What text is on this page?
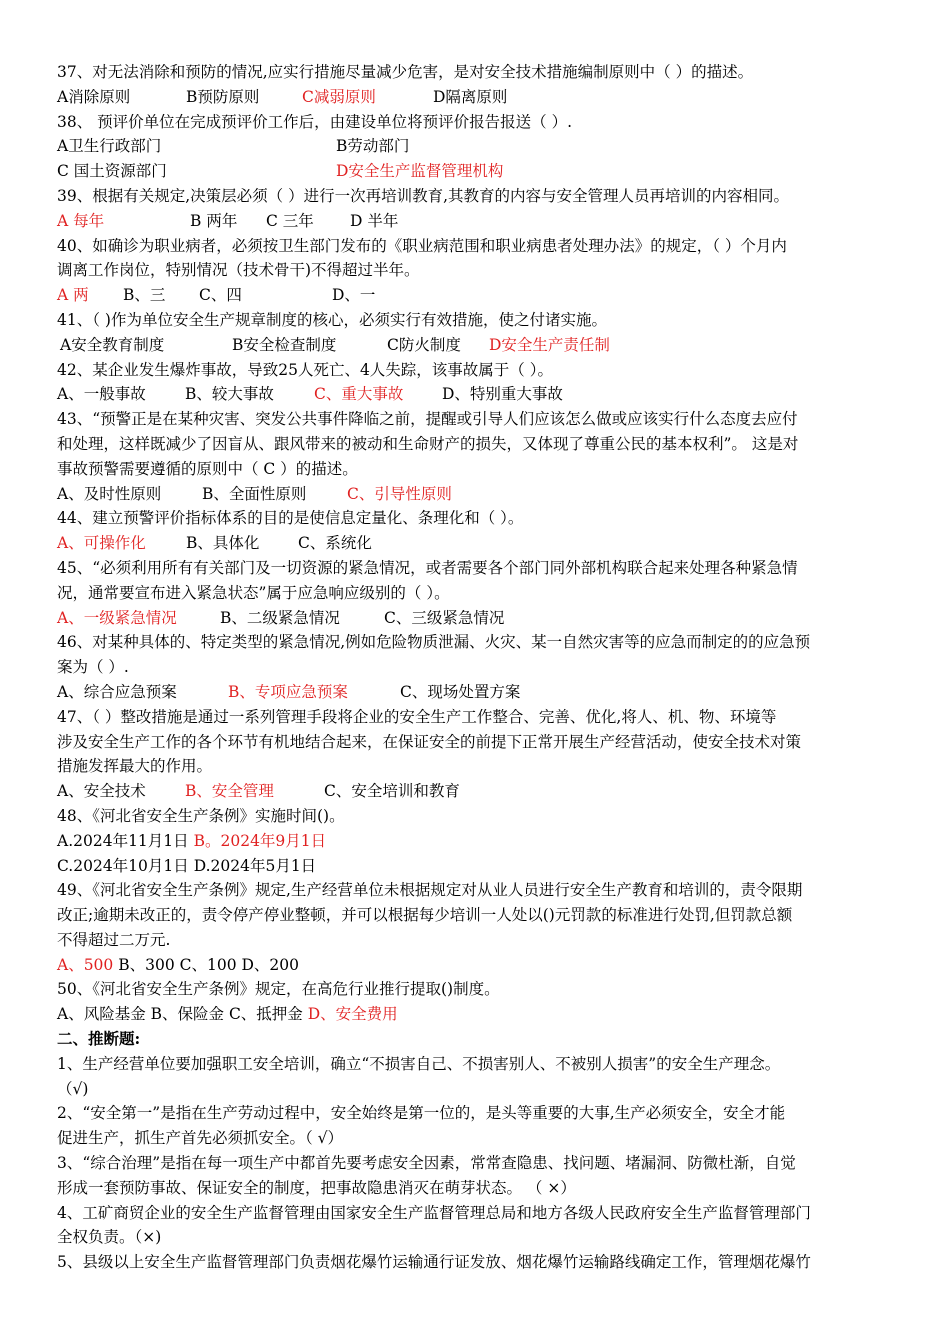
37、对无法消除和预防的情况,应实行措施尽量减少危害，是对安全技术措施编制原则中（ ）的描述。
A消除原则	B预防原则	C减弱原则	D隔离原则
38、 预评价单位在完成预评价工作后，由建设单位将预评价报告报送（ ）.
A卫生行政部门	B劳动部门
C 国土资源部门	D安全生产监督管理机构
39、根据有关规定,决策层必须（ ）进行一次再培训教育,其教育的内容与安全管理人员再培训的内容相同。
A 每年	B 两年 C 三年 D 半年
40、如确诊为职业病者，必须按卫生部门发布的《职业病范围和职业病患者处理办法》的规定，（ ）个月内
调离工作岗位，特别情况（技术骨干)不得超过半年。
A 两 B、三 C、四	D、一
41、（ )作为单位安全生产规章制度的核心，必须实行有效措施，使之付诸实施。
A安全教育制度	B安全检查制度	C防火制度 D安全生产责任制
42、某企业发生爆炸事故，导致25人死亡、4人失踪，该事故属于（ ）。
A、一般事故	B、较大事故	C、重大事故 D、特别重大事故
43、“预警正是在某种灾害、突发公共事件降临之前，提醒或引导人们应该怎么做或应该实行什么态度去应付
和处理，这样既减少了因盲从、跟风带来的被动和生命财产的损失，又体现了尊重公民的基本权利”。 这是对
事故预警需要遵循的原则中（ C ）的描述。
A、及时性原则	B、全面性原则	C、引导性原则
44、建立预警评价指标体系的目的是使信息定量化、条理化和（ ）。
A、可操作化	B、具体化 C、系统化
45、“必须利用所有有关部门及一切资源的紧急情况，或者需要各个部门同外部机构联合起来处理各种紧急情
况，通常要宣布进入紧急状态”属于应急响应级别的（ ）。
A、一级紧急情况	B、二级紧急情况	C、三级紧急情况
46、对某种具体的、特定类型的紧急情况,例如危险物质泄漏、火灾、某一自然灾害等的应急而制定的的应急预
案为（ ）.
A、综合应急预案	B、专项应急预案	C、现场处置方案
47、（ ）整改措施是通过一系列管理手段将企业的安全生产工作整合、完善、优化,将人、机、物、环境等
涉及安全生产工作的各个环节有机地结合起来，在保证安全的前提下正常开展生产经营活动，使安全技术对策
措施发挥最大的作用。
A、安全技术	B、安全管理	C、安全培训和教育
48、《河北省安全生产条例》实施时间()。
A.2024年11月1日 B。2024年9月1日
C.2024年10月1日 D.2024年5月1日
49、《河北省安全生产条例》规定,生产经营单位未根据规定对从业人员进行安全生产教育和培训的，责令限期
改正;逾期未改正的，责令停产停业整顿，并可以根据每少培训一人处以()元罚款的标准进行处罚,但罚款总额
不得超过二万元.
A、500 B、300 C、100 D、200
50、《河北省安全生产条例》规定，在高危行业推行提取()制度。
A、风险基金 B、保险金 C、抵押金 D、安全费用
二、推断题:
1、生产经营单位要加强职工安全培训，确立“不损害自己、不损害别人、不被别人损害”的安全生产理念。
（√)
2、“安全第一”是指在生产劳动过程中，安全始终是第一位的，是头等重要的大事,生产必须安全，安全才能
促进生产，抓生产首先必须抓安全。（ √）
3、“综合治理”是指在每一项生产中都首先要考虑安全因素，常常查隐患、找问题、堵漏洞、防微杜渐，自觉
形成一套预防事故、保证安全的制度，把事故隐患消灭在萌芽状态。 （ ×）
4、工矿商贸企业的安全生产监督管理由国家安全生产监督管理总局和地方各级人民政府安全生产监督管理部门
全权负责。（×)
5、县级以上安全生产监督管理部门负责烟花爆竹运输通行证发放、烟花爆竹运输路线确定工作，管理烟花爆竹
